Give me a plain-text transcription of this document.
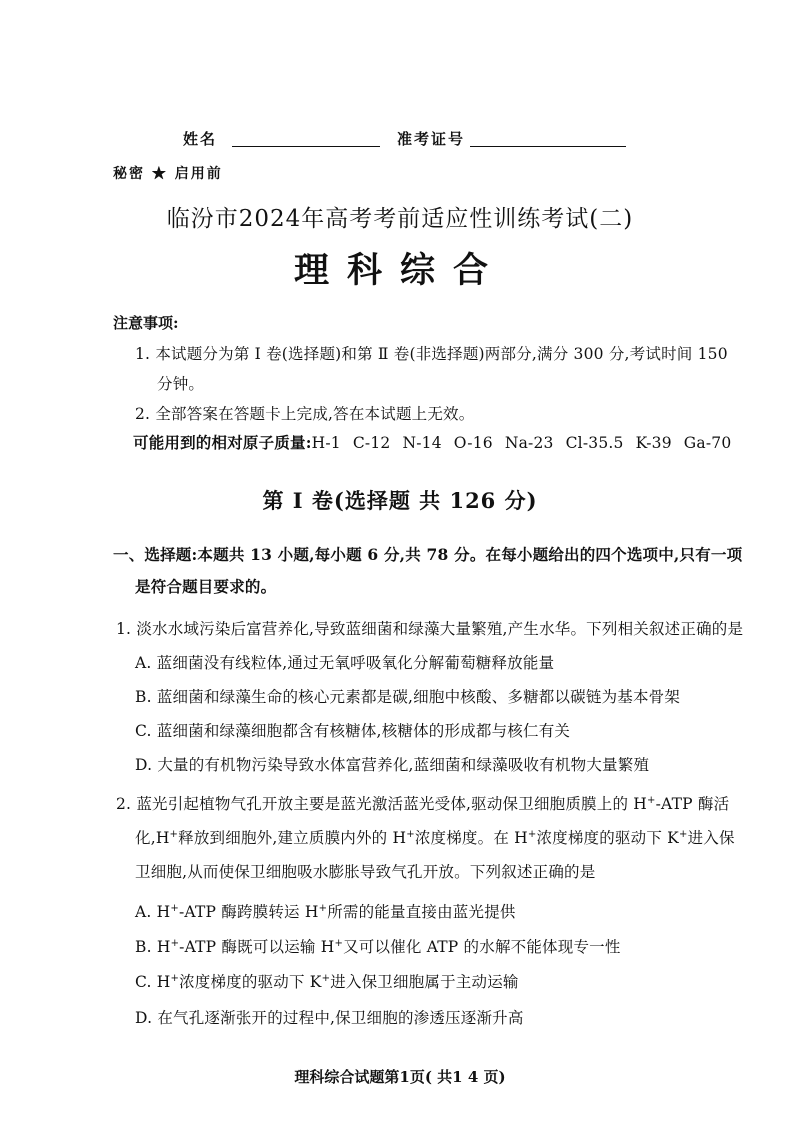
姓名	准考证号
秘密 ★ 启用前
临汾市2024年高考考前适应性训练考试(二)
理科综合
注意事项:
1. 本试题分为第 Ⅰ 卷(选择题)和第 Ⅱ 卷(非选择题)两部分,满分 300 分,考试时间 150
分钟。
2. 全部答案在答题卡上完成,答在本试题上无效。
可能用到的相对原子质量:H-1 C-12 N-14 O-16 Na-23 Cl-35.5 K-39 Ga-70
第 Ⅰ 卷(选择题 共 126 分)
一、选择题:本题共 13 小题,每小题 6 分,共 78 分。在每小题给出的四个选项中,只有一项
是符合题目要求的。
1. 淡水水域污染后富营养化,导致蓝细菌和绿藻大量繁殖,产生水华。下列相关叙述正确的是
A. 蓝细菌没有线粒体,通过无氧呼吸氧化分解葡萄糖释放能量
B. 蓝细菌和绿藻生命的核心元素都是碳,细胞中核酸、多糖都以碳链为基本骨架
C. 蓝细菌和绿藻细胞都含有核糖体,核糖体的形成都与核仁有关
D. 大量的有机物污染导致水体富营养化,蓝细菌和绿藻吸收有机物大量繁殖
2. 蓝光引起植物气孔开放主要是蓝光激活蓝光受体,驱动保卫细胞质膜上的 H+-ATP 酶活
化,H+释放到细胞外,建立质膜内外的 H+浓度梯度。在 H+浓度梯度的驱动下 K+进入保
卫细胞,从而使保卫细胞吸水膨胀导致气孔开放。下列叙述正确的是
A. H+-ATP 酶跨膜转运 H+所需的能量直接由蓝光提供
B. H+-ATP 酶既可以运输 H+又可以催化 ATP 的水解不能体现专一性
C. H+浓度梯度的驱动下 K+进入保卫细胞属于主动运输
D. 在气孔逐渐张开的过程中,保卫细胞的渗透压逐渐升高
理科综合试题第1页( 共1 4 页)
